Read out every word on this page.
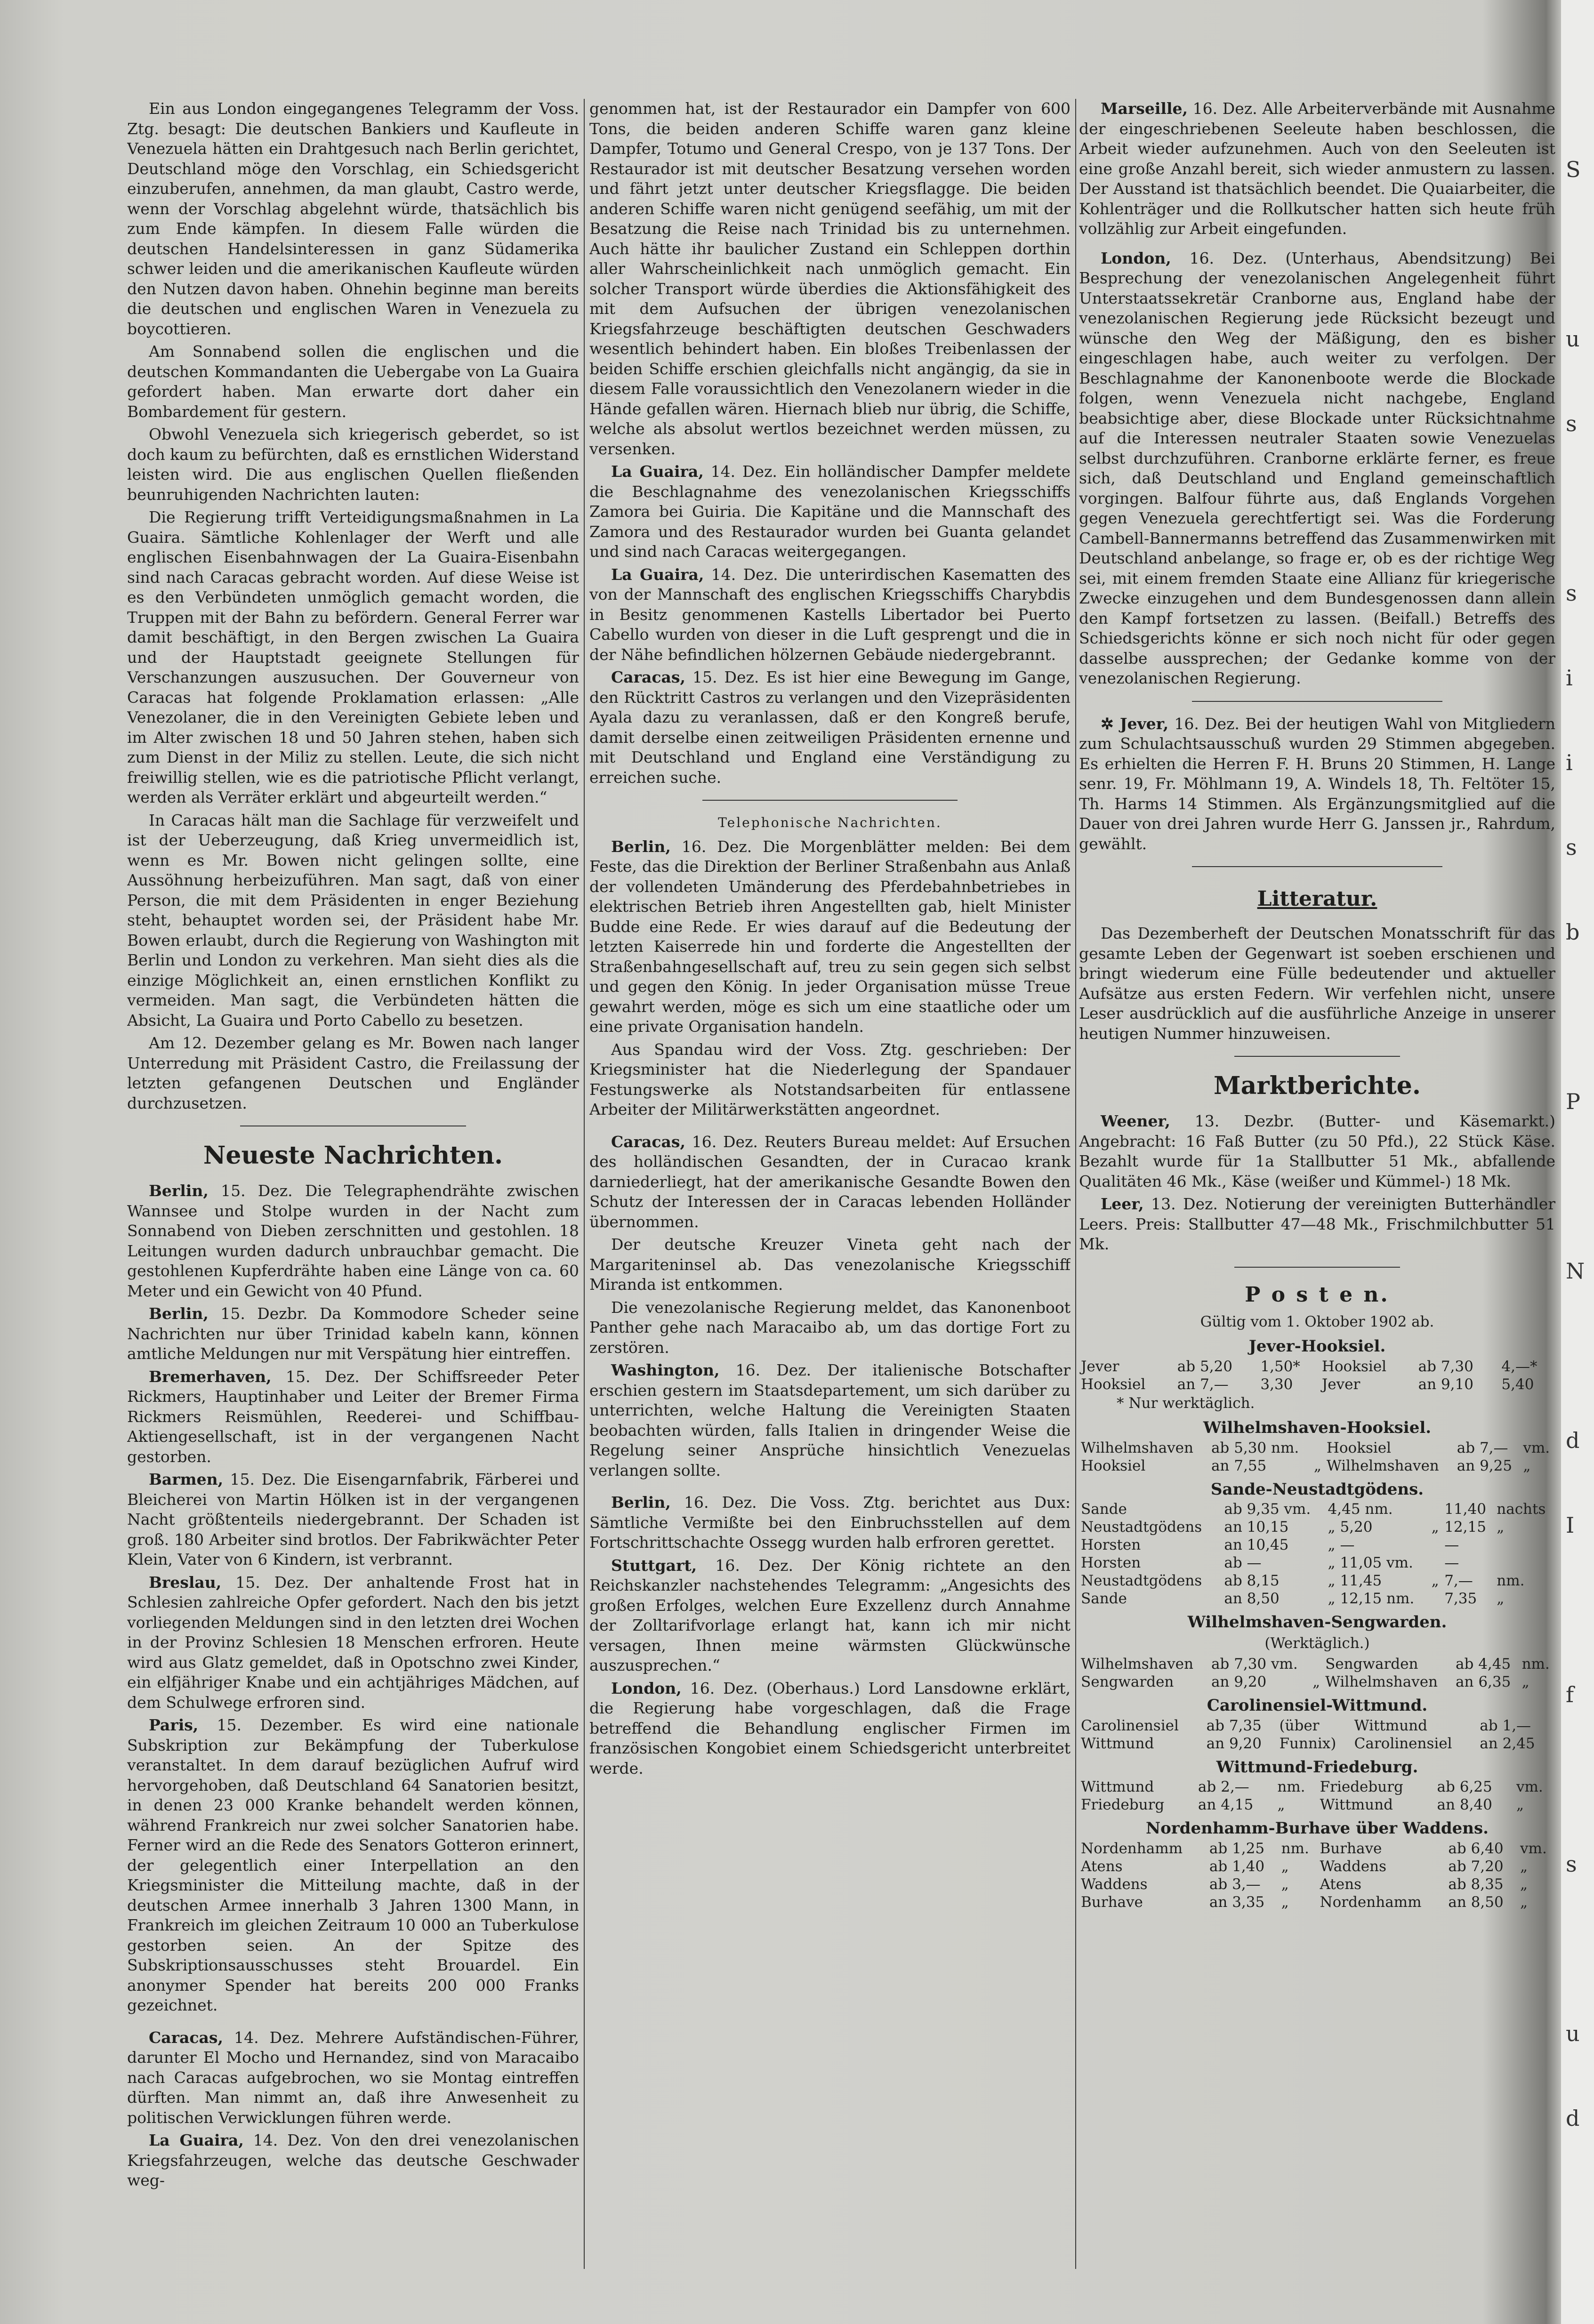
Ein aus London eingegangenes Telegramm der Voss. Ztg. besagt: Die deutschen Bankiers und Kaufleute in Venezuela hätten ein Drahtgesuch nach Berlin gerichtet, Deutschland möge den Vorschlag, ein Schiedsgericht einzuberufen, annehmen, da man glaubt, Castro werde, wenn der Vorschlag abgelehnt würde, thatsächlich bis zum Ende kämpfen. In diesem Falle würden die deutschen Handelsinteressen in ganz Südamerika schwer leiden und die amerikanischen Kaufleute würden den Nutzen davon haben. Ohnehin beginne man bereits die deutschen und englischen Waren in Venezuela zu boycottieren.

Am Sonnabend sollen die englischen und die deutschen Kommandanten die Uebergabe von La Guaira gefordert haben. Man erwarte dort daher ein Bombardement für gestern.

Obwohl Venezuela sich kriegerisch geberdet, so ist doch kaum zu befürchten, daß es ernstlichen Widerstand leisten wird. Die aus englischen Quellen fließenden beunruhigenden Nachrichten lauten:

Die Regierung trifft Verteidigungsmaßnahmen in La Guaira. Sämtliche Kohlenlager der Werft und alle englischen Eisenbahnwagen der La Guaira-Eisenbahn sind nach Caracas gebracht worden. Auf diese Weise ist es den Verbündeten unmöglich gemacht worden, die Truppen mit der Bahn zu befördern. General Ferrer war damit beschäftigt, in den Bergen zwischen La Guaira und der Hauptstadt geeignete Stellungen für Verschanzungen auszusuchen. Der Gouverneur von Caracas hat folgende Proklamation erlassen: „Alle Venezolaner, die in den Vereinigten Gebiete leben und im Alter zwischen 18 und 50 Jahren stehen, haben sich zum Dienst in der Miliz zu stellen. Leute, die sich nicht freiwillig stellen, wie es die patriotische Pflicht verlangt, werden als Verräter erklärt und abgeurteilt werden.“

In Caracas hält man die Sachlage für verzweifelt und ist der Ueberzeugung, daß Krieg unvermeidlich ist, wenn es Mr. Bowen nicht gelingen sollte, eine Aussöhnung herbeizuführen. Man sagt, daß von einer Person, die mit dem Präsidenten in enger Beziehung steht, behauptet worden sei, der Präsident habe Mr. Bowen erlaubt, durch die Regierung von Washington mit Berlin und London zu verkehren. Man sieht dies als die einzige Möglichkeit an, einen ernstlichen Konflikt zu vermeiden. Man sagt, die Verbündeten hätten die Absicht, La Guaira und Porto Cabello zu besetzen.

Am 12. Dezember gelang es Mr. Bowen nach langer Unterredung mit Präsident Castro, die Freilassung der letzten gefangenen Deutschen und Engländer durchzusetzen.

Neueste Nachrichten.

Berlin, 15. Dez. Die Telegraphendrähte zwischen Wannsee und Stolpe wurden in der Nacht zum Sonnabend von Dieben zerschnitten und gestohlen. 18 Leitungen wurden dadurch unbrauchbar gemacht. Die gestohlenen Kupferdrähte haben eine Länge von ca. 60 Meter und ein Gewicht von 40 Pfund.

Berlin, 15. Dezbr. Da Kommodore Scheder seine Nachrichten nur über Trinidad kabeln kann, können amtliche Meldungen nur mit Verspätung hier eintreffen.

Bremerhaven, 15. Dez. Der Schiffsreeder Peter Rickmers, Hauptinhaber und Leiter der Bremer Firma Rickmers Reismühlen, Reederei- und Schiffbau-Aktiengesellschaft, ist in der vergangenen Nacht gestorben.

Barmen, 15. Dez. Die Eisengarnfabrik, Färberei und Bleicherei von Martin Hölken ist in der vergangenen Nacht größtenteils niedergebrannt. Der Schaden ist groß. 180 Arbeiter sind brotlos. Der Fabrikwächter Peter Klein, Vater von 6 Kindern, ist verbrannt.

Breslau, 15. Dez. Der anhaltende Frost hat in Schlesien zahlreiche Opfer gefordert. Nach den bis jetzt vorliegenden Meldungen sind in den letzten drei Wochen in der Provinz Schlesien 18 Menschen erfroren. Heute wird aus Glatz gemeldet, daß in Opotschno zwei Kinder, ein elfjähriger Knabe und ein achtjähriges Mädchen, auf dem Schulwege erfroren sind.

Paris, 15. Dezember. Es wird eine nationale Subskription zur Bekämpfung der Tuberkulose veranstaltet. In dem darauf bezüglichen Aufruf wird hervorgehoben, daß Deutschland 64 Sanatorien besitzt, in denen 23 000 Kranke behandelt werden können, während Frankreich nur zwei solcher Sanatorien habe. Ferner wird an die Rede des Senators Gotteron erinnert, der gelegentlich einer Interpellation an den Kriegsminister die Mitteilung machte, daß in der deutschen Armee innerhalb 3 Jahren 1300 Mann, in Frankreich im gleichen Zeitraum 10 000 an Tuberkulose gestorben seien. An der Spitze des Subskriptionsausschusses steht Brouardel. Ein anonymer Spender hat bereits 200 000 Franks gezeichnet.

Caracas, 14. Dez. Mehrere Aufständischen-Führer, darunter El Mocho und Hernandez, sind von Maracaibo nach Caracas aufgebrochen, wo sie Montag eintreffen dürften. Man nimmt an, daß ihre Anwesenheit zu politischen Verwicklungen führen werde.

La Guaira, 14. Dez. Von den drei venezolanischen Kriegsfahrzeugen, welche das deutsche Geschwader weg-

genommen hat, ist der Restaurador ein Dampfer von 600 Tons, die beiden anderen Schiffe waren ganz kleine Dampfer, Totumo und General Crespo, von je 137 Tons. Der Restaurador ist mit deutscher Besatzung versehen worden und fährt jetzt unter deutscher Kriegsflagge. Die beiden anderen Schiffe waren nicht genügend seefähig, um mit der Besatzung die Reise nach Trinidad bis zu unternehmen. Auch hätte ihr baulicher Zustand ein Schleppen dorthin aller Wahrscheinlichkeit nach unmöglich gemacht. Ein solcher Transport würde überdies die Aktionsfähigkeit des mit dem Aufsuchen der übrigen venezolanischen Kriegsfahrzeuge beschäftigten deutschen Geschwaders wesentlich behindert haben. Ein bloßes Treibenlassen der beiden Schiffe erschien gleichfalls nicht angängig, da sie in diesem Falle voraussichtlich den Venezolanern wieder in die Hände gefallen wären. Hiernach blieb nur übrig, die Schiffe, welche als absolut wertlos bezeichnet werden müssen, zu versenken.

La Guaira, 14. Dez. Ein holländischer Dampfer meldete die Beschlagnahme des venezolanischen Kriegsschiffs Zamora bei Guiria. Die Kapitäne und die Mannschaft des Zamora und des Restaurador wurden bei Guanta gelandet und sind nach Caracas weitergegangen.

La Guaira, 14. Dez. Die unterirdischen Kasematten des von der Mannschaft des englischen Kriegsschiffs Charybdis in Besitz genommenen Kastells Libertador bei Puerto Cabello wurden von dieser in die Luft gesprengt und die in der Nähe befindlichen hölzernen Gebäude niedergebrannt.

Caracas, 15. Dez. Es ist hier eine Bewegung im Gange, den Rücktritt Castros zu verlangen und den Vizepräsidenten Ayala dazu zu veranlassen, daß er den Kongreß berufe, damit derselbe einen zeitweiligen Präsidenten ernenne und mit Deutschland und England eine Verständigung zu erreichen suche.

Telephonische Nachrichten.

Berlin, 16. Dez. Die Morgenblätter melden: Bei dem Feste, das die Direktion der Berliner Straßenbahn aus Anlaß der vollendeten Umänderung des Pferdebahnbetriebes in elektrischen Betrieb ihren Angestellten gab, hielt Minister Budde eine Rede. Er wies darauf auf die Bedeutung der letzten Kaiserrede hin und forderte die Angestellten der Straßenbahngesellschaft auf, treu zu sein gegen sich selbst und gegen den König. In jeder Organisation müsse Treue gewahrt werden, möge es sich um eine staatliche oder um eine private Organisation handeln.

Aus Spandau wird der Voss. Ztg. geschrieben: Der Kriegsminister hat die Niederlegung der Spandauer Festungswerke als Notstandsarbeiten für entlassene Arbeiter der Militärwerkstätten angeordnet.

Caracas, 16. Dez. Reuters Bureau meldet: Auf Ersuchen des holländischen Gesandten, der in Curacao krank darniederliegt, hat der amerikanische Gesandte Bowen den Schutz der Interessen der in Caracas lebenden Holländer übernommen.

Der deutsche Kreuzer Vineta geht nach der Margariteninsel ab. Das venezolanische Kriegsschiff Miranda ist entkommen.

Die venezolanische Regierung meldet, das Kanonenboot Panther gehe nach Maracaibo ab, um das dortige Fort zu zerstören.

Washington, 16. Dez. Der italienische Botschafter erschien gestern im Staatsdepartement, um sich darüber zu unterrichten, welche Haltung die Vereinigten Staaten beobachten würden, falls Italien in dringender Weise die Regelung seiner Ansprüche hinsichtlich Venezuelas verlangen sollte.

Berlin, 16. Dez. Die Voss. Ztg. berichtet aus Dux: Sämtliche Vermißte bei den Einbruchsstellen auf dem Fortschrittschachte Ossegg wurden halb erfroren gerettet.

Stuttgart, 16. Dez. Der König richtete an den Reichskanzler nachstehendes Telegramm: „Angesichts des großen Erfolges, welchen Eure Exzellenz durch Annahme der Zolltarifvorlage erlangt hat, kann ich mir nicht versagen, Ihnen meine wärmsten Glückwünsche auszusprechen.“

London, 16. Dez. (Oberhaus.) Lord Lansdowne erklärt, die Regierung habe vorgeschlagen, daß die Frage betreffend die Behandlung englischer Firmen im französischen Kongobiet einem Schiedsgericht unterbreitet werde.

Marseille, 16. Dez. Alle Arbeiterverbände mit Ausnahme der eingeschriebenen Seeleute haben beschlossen, die Arbeit wieder aufzunehmen. Auch von den Seeleuten ist eine große Anzahl bereit, sich wieder anmustern zu lassen. Der Ausstand ist thatsächlich beendet. Die Quaiarbeiter, die Kohlenträger und die Rollkutscher hatten sich heute früh vollzählig zur Arbeit eingefunden.

London, 16. Dez. (Unterhaus, Abendsitzung) Bei Besprechung der venezolanischen Angelegenheit führt Unterstaatssekretär Cranborne aus, England habe der venezolanischen Regierung jede Rücksicht bezeugt und wünsche den Weg der Mäßigung, den es bisher eingeschlagen habe, auch weiter zu verfolgen. Der Beschlagnahme der Kanonenboote werde die Blockade folgen, wenn Venezuela nicht nachgebe, England beabsichtige aber, diese Blockade unter Rücksichtnahme auf die Interessen neutraler Staaten sowie Venezuelas selbst durchzuführen. Cranborne erklärte ferner, es freue sich, daß Deutschland und England gemeinschaftlich vorgingen. Balfour führte aus, daß Englands Vorgehen gegen Venezuela gerechtfertigt sei. Was die Forderung Cambell-Bannermanns betreffend das Zusammenwirken mit Deutschland anbelange, so frage er, ob es der richtige Weg sei, mit einem fremden Staate eine Allianz für kriegerische Zwecke einzugehen und dem Bundesgenossen dann allein den Kampf fortsetzen zu lassen. (Beifall.) Betreffs des Schiedsgerichts könne er sich noch nicht für oder gegen dasselbe aussprechen; der Gedanke komme von der venezolanischen Regierung.

✲ Jever, 16. Dez. Bei der heutigen Wahl von Mitgliedern zum Schulachtsausschuß wurden 29 Stimmen abgegeben. Es erhielten die Herren F. H. Bruns 20 Stimmen, H. Lange senr. 19, Fr. Möhlmann 19, A. Windels 18, Th. Feltöter 15, Th. Harms 14 Stimmen. Als Ergänzungsmitglied auf die Dauer von drei Jahren wurde Herr G. Janssen jr., Rahrdum, gewählt.

Litteratur.

Das Dezemberheft der Deutschen Monatsschrift für das gesamte Leben der Gegenwart ist soeben erschienen und bringt wiederum eine Fülle bedeutender und aktueller Aufsätze aus ersten Federn. Wir verfehlen nicht, unsere Leser ausdrücklich auf die ausführliche Anzeige in unserer heutigen Nummer hinzuweisen.

Marktberichte.

Weener, 13. Dezbr. (Butter- und Käsemarkt.) Angebracht: 16 Faß Butter (zu 50 Pfd.), 22 Stück Käse. Bezahlt wurde für 1a Stallbutter 51 Mk., abfallende Qualitäten 46 Mk., Käse (weißer und Kümmel-) 18 Mk.

Leer, 13. Dez. Notierung der vereinigten Butterhändler Leers. Preis: Stallbutter 47—48 Mk., Frischmilchbutter 51 Mk.

P o s t e n.
Gültig vom 1. Oktober 1902 ab.
Jever-Hooksiel.
Jever	ab 5,20	1,50*	Hooksiel	ab 7,30	4,—*
Hooksiel	an 7,—	3,30	Jever	an 9,10	5,40
* Nur werktäglich.
Wilhelmshaven-Hooksiel.
Wilhelmshaven	ab 5,30 nm.		Hooksiel	ab 7,—	vm.
Hooksiel	an 7,55	„	Wilhelmshaven	an 9,25	„
Sande-Neustadtgödens.
Sande	ab 9,35 vm.	4,45 nm.		11,40	nachts
Neustadtgödens	an 10,15	„ 5,20	„	12,15	„
Horsten	an 10,45	„ —		—	
Horsten	ab —	„ 11,05 vm.		—	
Neustadtgödens	ab 8,15	„ 11,45	„	7,—	nm.
Sande	an 8,50	„ 12,15 nm.		7,35	„
Wilhelmshaven-Sengwarden.
(Werktäglich.)
Wilhelmshaven	ab 7,30 vm.		Sengwarden	ab 4,45	nm.
Sengwarden	an 9,20	„	Wilhelmshaven	an 6,35	„
Carolinensiel-Wittmund.
Carolinensiel	ab 7,35	(über	Wittmund	ab 1,—	
Wittmund	an 9,20	Funnix)	Carolinensiel	an 2,45	
Wittmund-Friedeburg.
Wittmund	ab 2,—	nm.	Friedeburg	ab 6,25	vm.
Friedeburg	an 4,15	„	Wittmund	an 8,40	„
Nordenhamm-Burhave über Waddens.
Nordenhamm	ab 1,25	nm.	Burhave	ab 6,40	vm.
Atens	ab 1,40	„	Waddens	ab 7,20	„
Waddens	ab 3,—	„	Atens	ab 8,35	„
Burhave	an 3,35	„	Nordenhamm	an 8,50	„
S

u
s

s
i
i
s
b

P

N

d
I

f

s

u
d
